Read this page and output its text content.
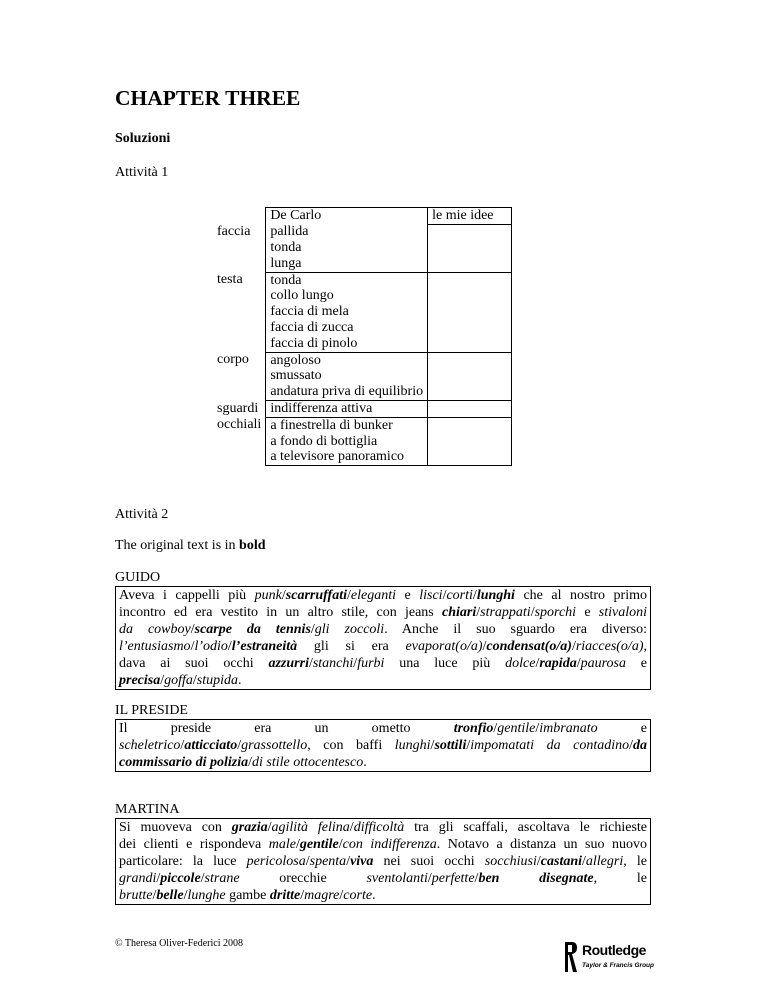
CHAPTER THREE
Soluzioni
Attività 1

	De Carlo	le mie idee
faccia	pallida
tonda
lunga	

testa	tonda
collo lungo
faccia di mela
faccia di zucca
faccia di pinolo	

corpo	angoloso
smussato
andatura priva di equilibrio	

sguardi	indifferenza attiva	

occhiali	a finestrella di bunker
a fondo di bottiglia
a televisore panoramico	

Attività 2
The original text is in bold
GUIDO
Aveva i cappelli più punk/scarruffati/eleganti e lisci/corti/lunghi che al nostro primo
incontro ed era vestito in un altro stile, con jeans chiari/strappati/sporchi e stivaloni
da cowboy/scarpe da tennis/gli zoccoli. Anche il suo sguardo era diverso:
l’entusiasmo/l’odio/l’estraneità gli si era evaporat(o/a)/condensat(o/a)/riacces(o/a),
dava ai suoi occhi azzurri/stanchi/furbi una luce più dolce/rapida/paurosa e
precisa/goffa/stupida.
IL PRESIDE
Il preside era un ometto tronfio/gentile/imbranato e
scheletrico/atticciato/grassottello, con baffi lunghi/sottili/impomatati da contadino/da
commissario di polizia/di stile ottocentesco.
MARTINA
Si muoveva con grazia/agilità felina/difficoltà tra gli scaffali, ascoltava le richieste
dei clienti e rispondeva male/gentile/con indifferenza. Notavo a distanza un suo nuovo
particolare: la luce pericolosa/spenta/viva nei suoi occhi socchiusi/castani/allegri, le
grandi/piccole/strane orecchie sventolanti/perfette/ben disegnate, le
brutte/belle/lunghe gambe dritte/magre/corte.
© Theresa Oliver-Federici 2008	Routledge
Taylor & Francis Group
